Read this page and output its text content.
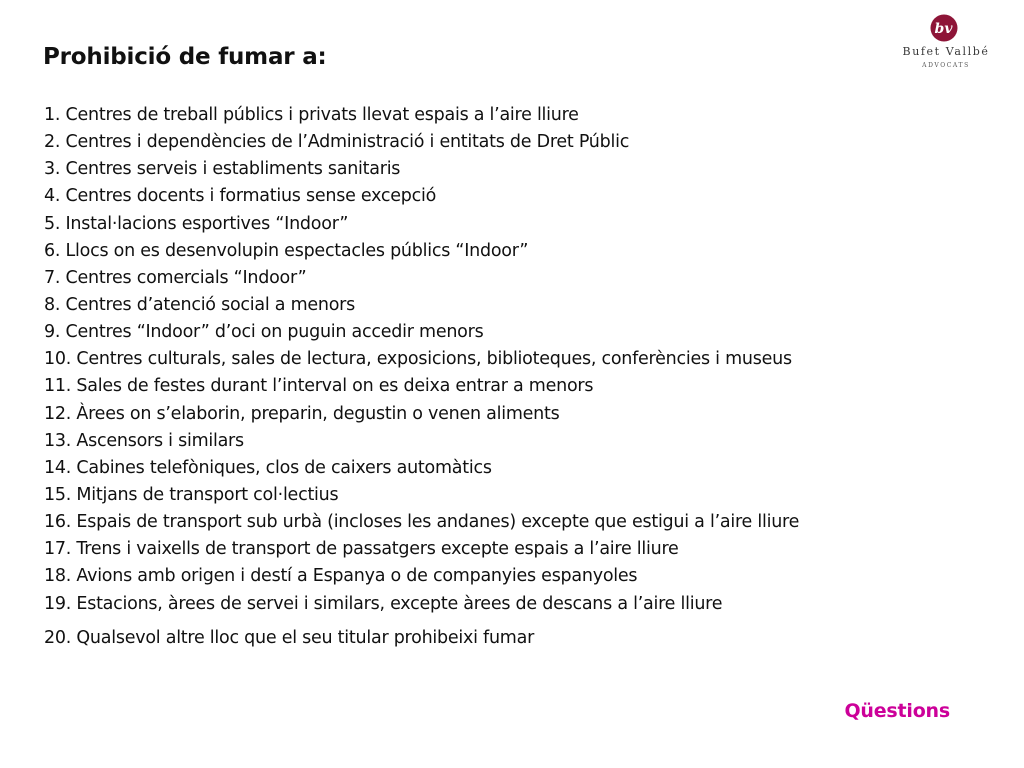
bv
Bufet Vallbé
ADVOCATS
Prohibició de fumar a:
1. Centres de treball públics i privats llevat espais a l’aire lliure
2. Centres i dependències de l’Administració i entitats de Dret Públic
3. Centres serveis i establiments sanitaris
4. Centres docents i formatius sense excepció
5. Instal·lacions esportives “Indoor”
6. Llocs on es desenvolupin espectacles públics “Indoor”
7. Centres comercials “Indoor”
8. Centres d’atenció social a menors
9. Centres “Indoor” d’oci on puguin accedir menors
10. Centres culturals, sales de lectura, exposicions, biblioteques, conferències i museus
11. Sales de festes durant l’interval on es deixa entrar a menors
12. Àrees on s’elaborin, preparin, degustin o venen aliments
13. Ascensors i similars
14. Cabines telefòniques, clos de caixers automàtics
15. Mitjans de transport col·lectius
16. Espais de transport sub urbà (incloses les andanes) excepte que estigui a l’aire lliure
17. Trens i vaixells de transport de passatgers excepte espais a l’aire lliure
18. Avions amb origen i destí a Espanya o de companyies espanyoles
19. Estacions, àrees de servei i similars, excepte àrees de descans a l’aire lliure
20. Qualsevol altre lloc que el seu titular prohibeixi fumar
Qüestions
